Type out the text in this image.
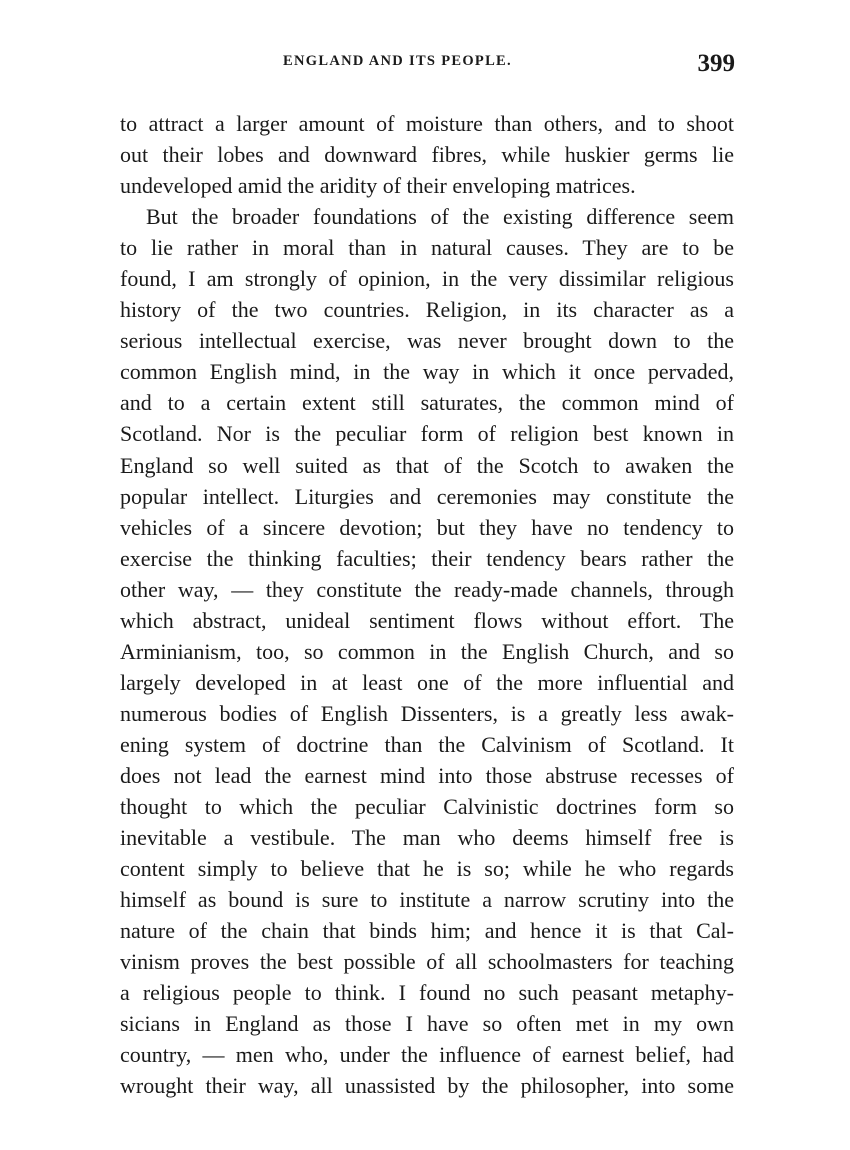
ENGLAND AND ITS PEOPLE.	399
to attract a larger amount of moisture than others, and to shoot
out their lobes and downward fibres, while huskier germs lie
undeveloped amid the aridity of their enveloping matrices.
But the broader foundations of the existing difference seem
to lie rather in moral than in natural causes. They are to be
found, I am strongly of opinion, in the very dissimilar religious
history of the two countries. Religion, in its character as a
serious intellectual exercise, was never brought down to the
common English mind, in the way in which it once pervaded,
and to a certain extent still saturates, the common mind of
Scotland. Nor is the peculiar form of religion best known in
England so well suited as that of the Scotch to awaken the
popular intellect. Liturgies and ceremonies may constitute the
vehicles of a sincere devotion; but they have no tendency to
exercise the thinking faculties; their tendency bears rather the
other way, — they constitute the ready-made channels, through
which abstract, unideal sentiment flows without effort. The
Arminianism, too, so common in the English Church, and so
largely developed in at least one of the more influential and
numerous bodies of English Dissenters, is a greatly less awak-
ening system of doctrine than the Calvinism of Scotland. It
does not lead the earnest mind into those abstruse recesses of
thought to which the peculiar Calvinistic doctrines form so
inevitable a vestibule. The man who deems himself free is
content simply to believe that he is so; while he who regards
himself as bound is sure to institute a narrow scrutiny into the
nature of the chain that binds him; and hence it is that Cal-
vinism proves the best possible of all schoolmasters for teaching
a religious people to think. I found no such peasant metaphy-
sicians in England as those I have so often met in my own
country, — men who, under the influence of earnest belief, had
wrought their way, all unassisted by the philosopher, into some
